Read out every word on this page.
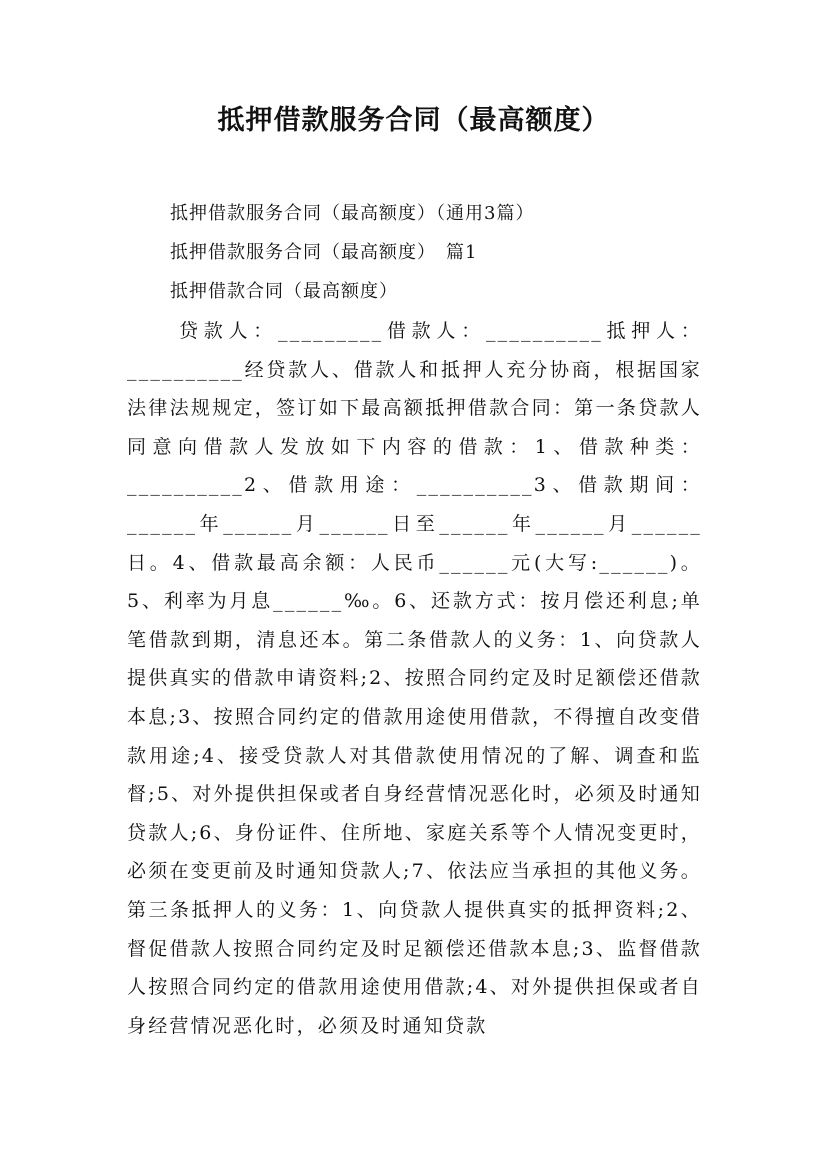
抵押借款服务合同（最高额度）
抵押借款服务合同（最高额度）（通用3篇）
抵押借款服务合同（最高额度）　篇1
抵押借款合同（最高额度）

贷款人：_________借款人：__________抵押人：__________经贷款人、借款人和抵押人充分协商，根据国家法律法规规定，签订如下最高额抵押借款合同：第一条贷款人同意向借款人发放如下内容的借款：1、借款种类：__________2、借款用途：__________3、借款期间：______年______月______日至______年______月______日。4、借款最高余额：人民币______元(大写:______)。5、利率为月息______‰。6、还款方式：按月偿还利息;单笔借款到期，清息还本。第二条借款人的义务：1、向贷款人提供真实的借款申请资料;2、按照合同约定及时足额偿还借款本息;3、按照合同约定的借款用途使用借款，不得擅自改变借款用途;4、接受贷款人对其借款使用情况的了解、调查和监督;5、对外提供担保或者自身经营情况恶化时，必须及时通知贷款人;6、身份证件、住所地、家庭关系等个人情况变更时，必须在变更前及时通知贷款人;7、依法应当承担的其他义务。第三条抵押人的义务：1、向贷款人提供真实的抵押资料;2、督促借款人按照合同约定及时足额偿还借款本息;3、监督借款人按照合同约定的借款用途使用借款;4、对外提供担保或者自身经营情况恶化时，必须及时通知贷款
